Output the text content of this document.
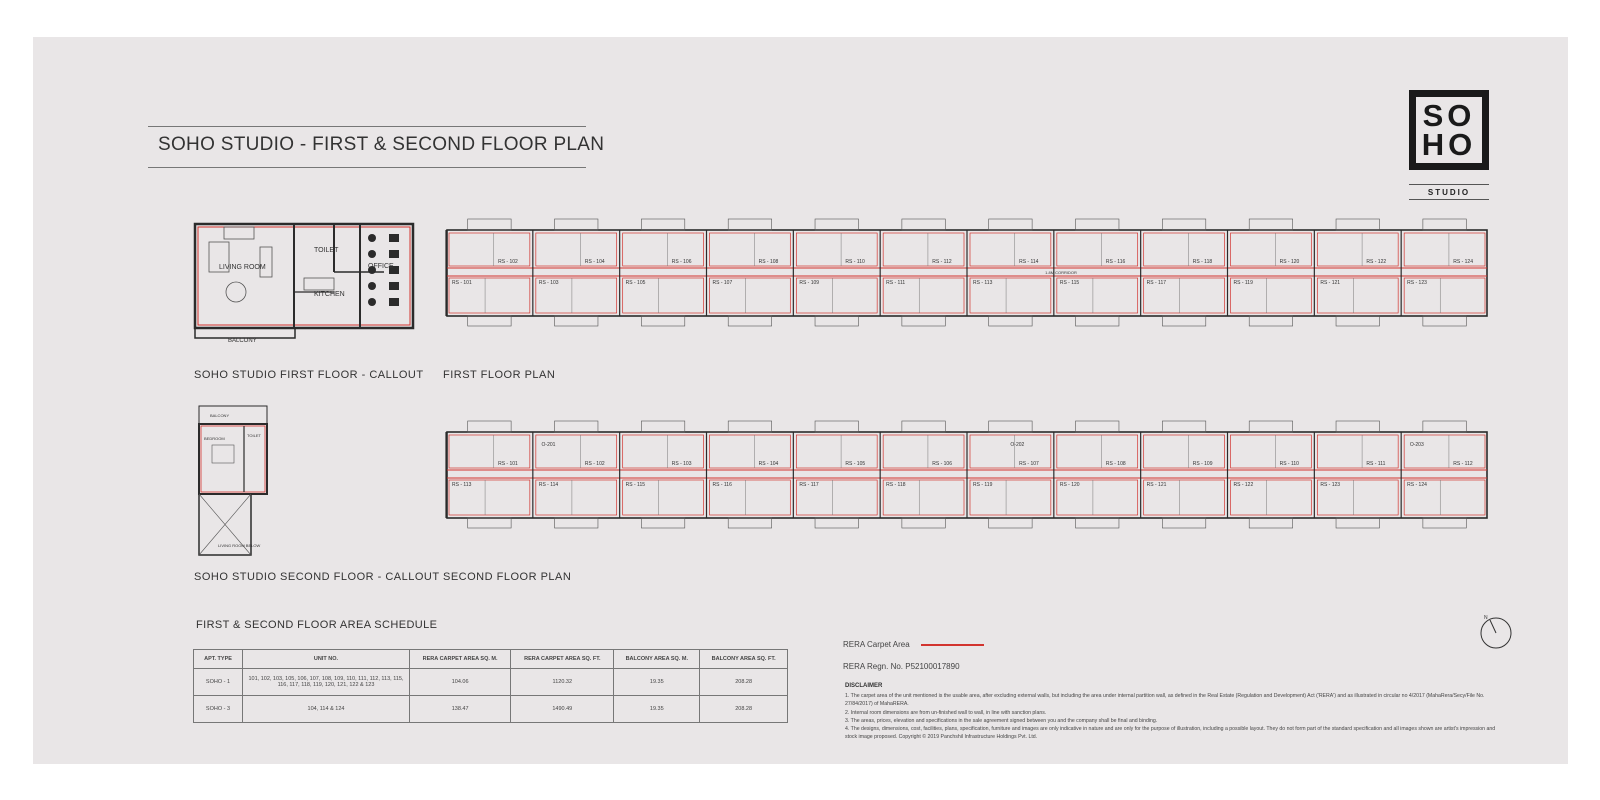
SOHO STUDIO - FIRST & SECOND FLOOR PLAN
SO
HO
STUDIO
LIVING ROOM
TOILET
OFFICE
KITCHEN
BALCONY
SOHO STUDIO FIRST FLOOR - CALLOUT
RS - 102
RS - 101
RS - 104
RS - 103
RS - 106
RS - 105
RS - 108
RS - 107
RS - 110
RS - 109
RS - 112
RS - 111
RS - 114
RS - 113
RS - 116
RS - 115
RS - 118
RS - 117
RS - 120
RS - 119
RS - 122
RS - 121
RS - 124
RS - 123
1.8M CORRIDOR
FIRST FLOOR PLAN
BALCONY
BEDROOM
TOILET
LIVING ROOM BELOW
SOHO STUDIO SECOND FLOOR - CALLOUT
RS - 101
RS - 113
RS - 102
RS - 114
RS - 103
RS - 115
RS - 104
RS - 116
RS - 105
RS - 117
RS - 106
RS - 118
RS - 107
RS - 119
RS - 108
RS - 120
RS - 109
RS - 121
RS - 110
RS - 122
RS - 111
RS - 123
RS - 112
RS - 124
O-201	O-202	O-203
SECOND FLOOR PLAN
FIRST & SECOND FLOOR AREA SCHEDULE
APT. TYPE	UNIT NO.	RERA CARPET AREA SQ. M.	RERA CARPET AREA SQ. FT.	BALCONY AREA SQ. M.	BALCONY AREA SQ. FT.
SOHO - 1	101, 102, 103, 105, 106, 107, 108, 109, 110, 111, 112, 113, 115, 116, 117, 118, 119, 120, 121, 122 & 123	104.06	1120.32	19.35	208.28
SOHO - 3	104, 114 & 124	138.47	1490.49	19.35	208.28
RERA Carpet Area
RERA Regn. No. P52100017890
DISCLAIMER
1. The carpet area of the unit mentioned is the usable area, after excluding external walls, but including the area under internal partition wall, as defined in the Real Estate (Regulation and Development) Act ('RERA') and as illustrated in circular no 4/2017 (MahaRera/Secy/File No. 27/84/2017) of MahaRERA.
2. Internal room dimensions are from un-finished wall to wall, in line with sanction plans.
3. The areas, prices, elevation and specifications in the sale agreement signed between you and the company shall be final and binding.
4. The designs, dimensions, cost, facilities, plans, specification, furniture and images are only indicative in nature and are only for the purpose of illustration, including a possible layout. They do not form part of the standard specification and all images shown are artist's impression and stock image proposed. Copyright © 2019 Panchshil Infrastructure Holdings Pvt. Ltd.
N
